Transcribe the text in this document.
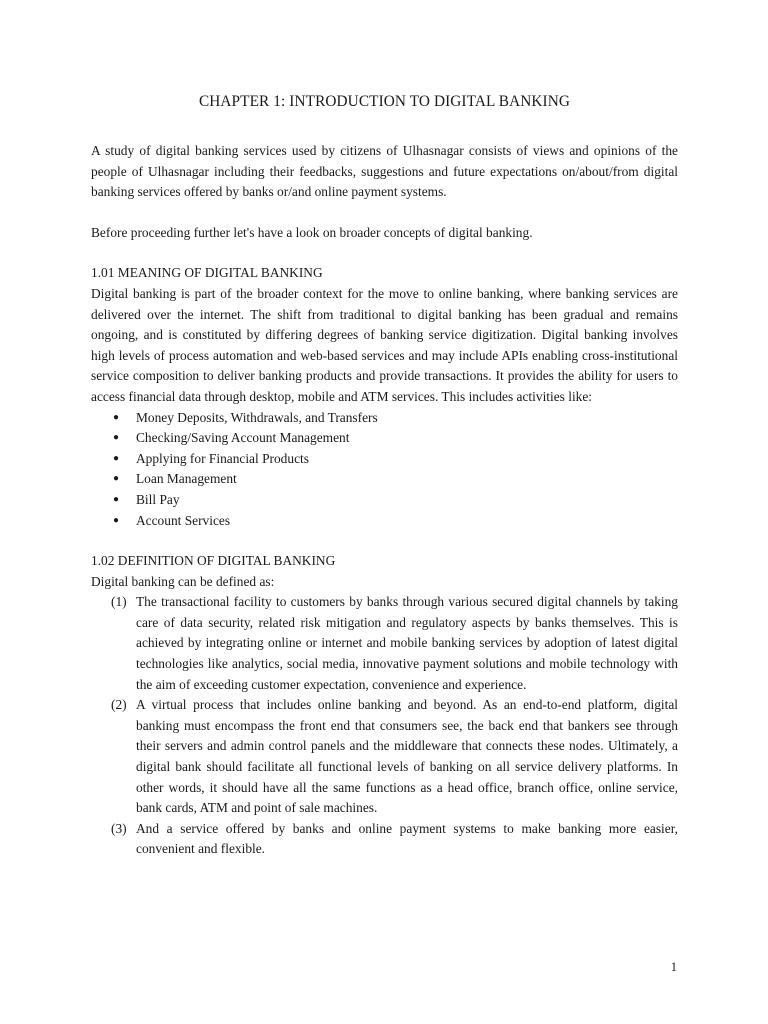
CHAPTER 1: INTRODUCTION TO DIGITAL BANKING

A study of digital banking services used by citizens of Ulhasnagar consists of views and opinions of the people of Ulhasnagar including their feedbacks, suggestions and future expectations on/about/from digital banking services offered by banks or/and online payment systems.

Before proceeding further let's have a look on broader concepts of digital banking.

1.01 MEANING OF DIGITAL BANKING

Digital banking is part of the broader context for the move to online banking, where banking services are delivered over the internet. The shift from traditional to digital banking has been gradual and remains ongoing, and is constituted by differing degrees of banking service digitization. Digital banking involves high levels of process automation and web-based services and may include APIs enabling cross-institutional service composition to deliver banking products and provide transactions. It provides the ability for users to access financial data through desktop, mobile and ATM services. This includes activities like:

● Money Deposits, Withdrawals, and Transfers
● Checking/Saving Account Management
● Applying for Financial Products
● Loan Management
● Bill Pay
● Account Services
1.02 DEFINITION OF DIGITAL BANKING

Digital banking can be defined as:

(1) The transactional facility to customers by banks through various secured digital channels by taking care of data security, related risk mitigation and regulatory aspects by banks themselves. This is achieved by integrating online or internet and mobile banking services by adoption of latest digital technologies like analytics, social media, innovative payment solutions and mobile technology with the aim of exceeding customer expectation, convenience and experience.
(2) A virtual process that includes online banking and beyond. As an end-to-end platform, digital banking must encompass the front end that consumers see, the back end that bankers see through their servers and admin control panels and the middleware that connects these nodes. Ultimately, a digital bank should facilitate all functional levels of banking on all service delivery platforms. In other words, it should have all the same functions as a head office, branch office, online service, bank cards, ATM and point of sale machines.
(3) And a service offered by banks and online payment systems to make banking more easier, convenient and flexible.
1
